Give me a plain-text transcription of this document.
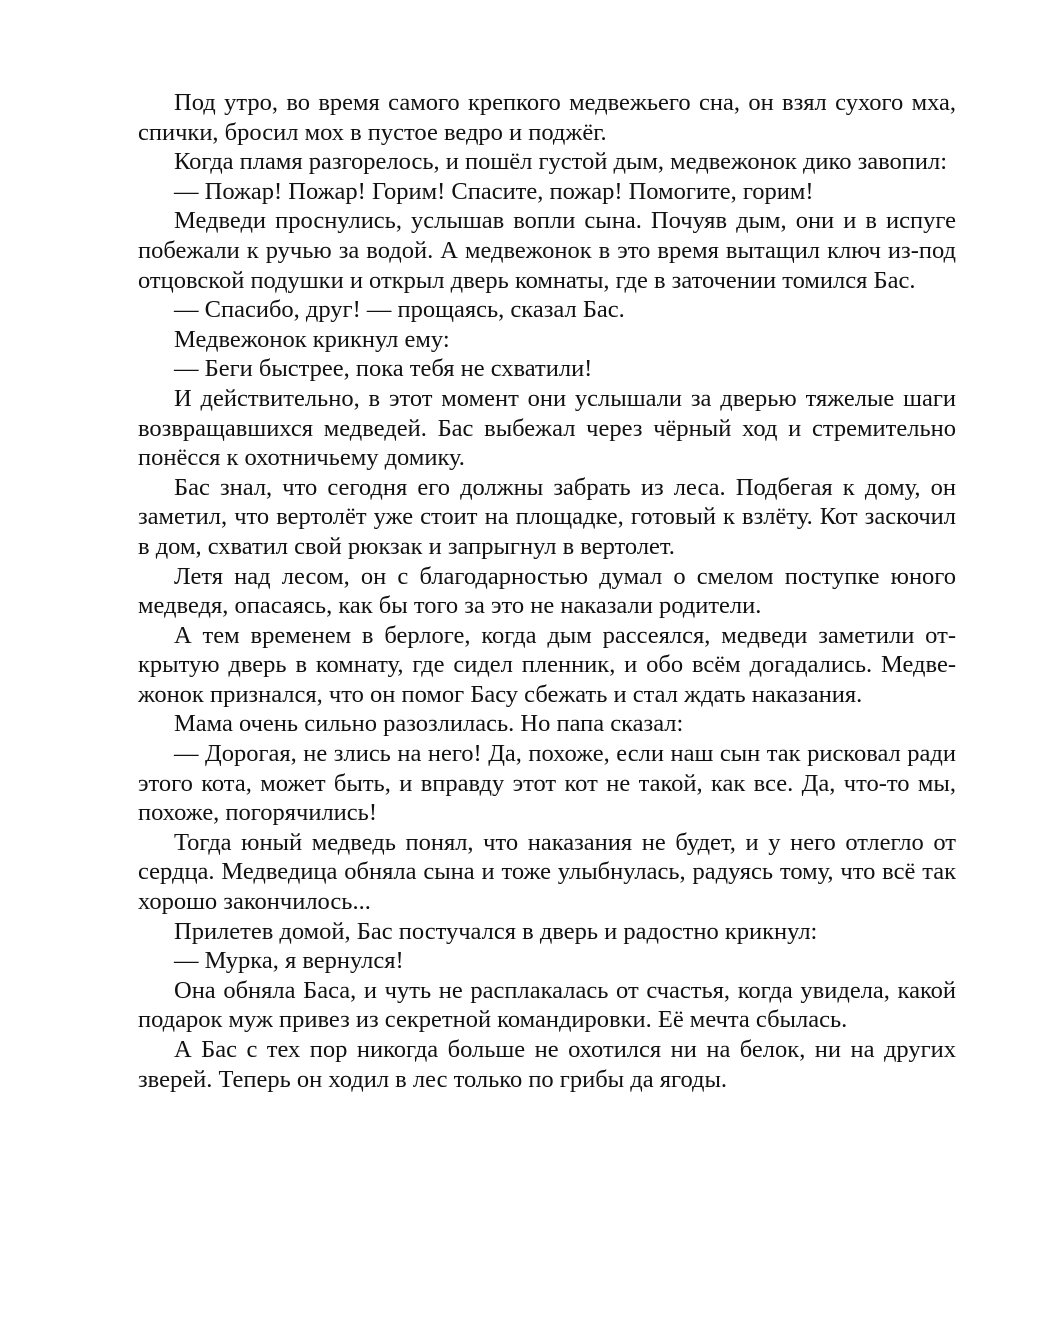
Под утро, во время самого крепкого медвежьего сна, он взял сухого мха, спички, бросил мох в пустое ведро и поджёг.

Когда пламя разгорелось, и пошёл густой дым, медвежонок дико завопил:

— Пожар! Пожар! Горим! Спасите, пожар! Помогите, горим!

Медведи проснулись, услышав вопли сына. Почуяв дым, они и в испуге побежали к ручью за водой. А медвежонок в это время вытащил ключ из-под отцовской подушки и открыл дверь комнаты, где в заточении томился Бас.

— Спасибо, друг! — прощаясь, сказал Бас.

Медвежонок крикнул ему:

— Беги быстрее, пока тебя не схватили!

И действительно, в этот момент они услышали за дверью тяжелые шаги возвращавшихся медведей. Бас выбежал через чёрный ход и стремительно понёсся к охотничьему домику.

Бас знал, что сегодня его должны забрать из леса. Подбегая к дому, он заметил, что вертолёт уже стоит на площадке, готовый к взлёту. Кот заскочил в дом, схватил свой рюкзак и запрыгнул в вертолет.

Летя над лесом, он с благодарностью думал о смелом поступке юного медведя, опасаясь, как бы того за это не наказали родители.

А тем временем в берлоге, когда дым рассеялся, медведи заметили открытую дверь в комнату, где сидел пленник, и обо всём догадались. Медвежонок признался, что он помог Басу сбежать и стал ждать наказания.

Мама очень сильно разозлилась. Но папа сказал:

— Дорогая, не злись на него! Да, похоже, если наш сын так рисковал ради этого кота, может быть, и вправду этот кот не такой, как все. Да, что-то мы, похоже, погорячились!

Тогда юный медведь понял, что наказания не будет, и у него отлегло от сердца. Медведица обняла сына и тоже улыбнулась, радуясь тому, что всё так хорошо закончилось...

Прилетев домой, Бас постучался в дверь и радостно крикнул:

— Мурка, я вернулся!

Она обняла Баса, и чуть не расплакалась от счастья, когда увидела, какой подарок муж привез из секретной командировки. Её мечта сбылась.

А Бас с тех пор никогда больше не охотился ни на белок, ни на других зверей. Теперь он ходил в лес только по грибы да ягоды.
